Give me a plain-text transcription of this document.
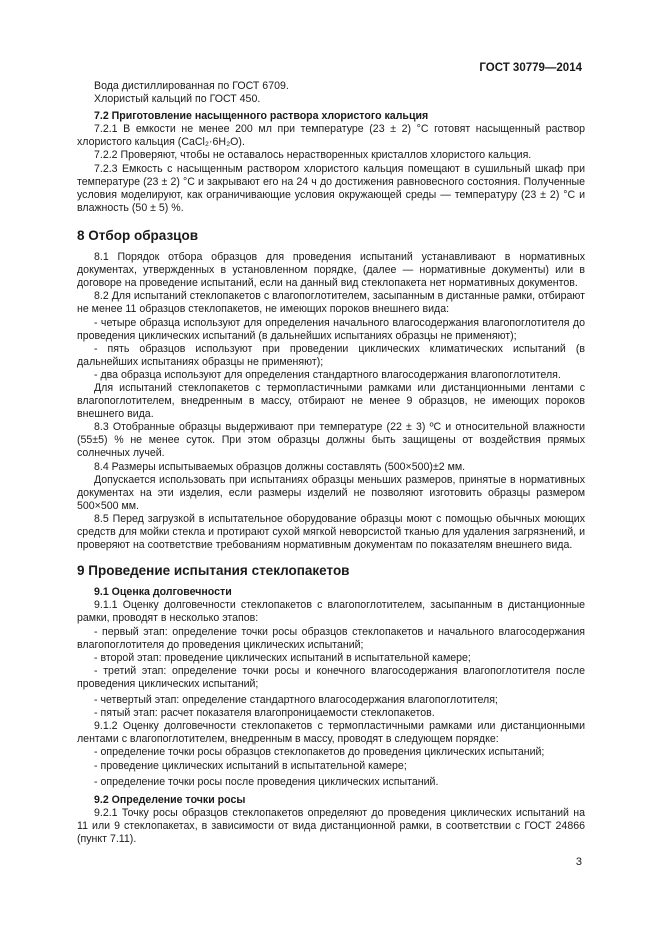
ГОСТ 30779—2014

Вода дистиллированная по ГОСТ 6709.

Хлористый кальций по ГОСТ 450.

7.2 Приготовление насыщенного раствора хлористого кальция

7.2.1 В емкости не менее 200 мл при температуре (23 ± 2) °С готовят насыщенный раствор хлористого кальция (CaCl₂·6H₂O).

7.2.2 Проверяют, чтобы не оставалось нерастворенных кристаллов хлористого кальция.

7.2.3 Емкость с насыщенным раствором хлористого кальция помещают в сушильный шкаф при температуре (23 ± 2) °С и закрывают его на 24 ч до достижения равновесного состояния. Полученные условия моделируют, как ограничивающие условия окружающей среды — температуру (23 ± 2) °С и влажность (50 ± 5) %.

8 Отбор образцов

8.1 Порядок отбора образцов для проведения испытаний устанавливают в нормативных документах, утвержденных в установленном порядке, (далее — нормативные документы) или в договоре на проведение испытаний, если на данный вид стеклопакета нет нормативных документов.

8.2 Для испытаний стеклопакетов с влагопоглотителем, засыпанным в дистанные рамки, отбирают не менее 11 образцов стеклопакетов, не имеющих пороков внешнего вида:

- четыре образца используют для определения начального влагосодержания влагопоглотителя до проведения циклических испытаний (в дальнейших испытаниях образцы не применяют);

- пять образцов используют при проведении циклических климатических испытаний (в дальнейших испытаниях образцы не применяют);

- два образца используют для определения стандартного влагосодержания влагопоглотителя.

Для испытаний стеклопакетов с термопластичными рамками или дистанционными лентами с влагопоглотителем, внедренным в массу, отбирают не менее 9 образцов, не имеющих пороков внешнего вида.

8.3 Отобранные образцы выдерживают при температуре (22 ± 3) ºС и относительной влажности (55±5) % не менее суток. При этом образцы должны быть защищены от воздействия прямых солнечных лучей.

8.4 Размеры испытываемых образцов должны составлять (500×500)±2 мм.

Допускается использовать при испытаниях образцы меньших размеров, принятые в нормативных документах на эти изделия, если размеры изделий не позволяют изготовить образцы размером 500×500 мм.

8.5 Перед загрузкой в испытательное оборудование образцы моют с помощью обычных моющих средств для мойки стекла и протирают сухой мягкой неворсистой тканью для удаления загрязнений, и проверяют на соответствие требованиям нормативным документам по показателям внешнего вида.

9 Проведение испытания стеклопакетов

9.1 Оценка долговечности

9.1.1 Оценку долговечности стеклопакетов с влагопоглотителем, засыпанным в дистанционные рамки, проводят в несколько этапов:

- первый этап: определение точки росы образцов стеклопакетов и начального влагосодержания влагопоглотителя до проведения циклических испытаний;

- второй этап: проведение циклических испытаний в испытательной камере;

- третий этап: определение точки росы и конечного влагосодержания влагопоглотителя после проведения циклических испытаний;

- четвертый этап: определение стандартного влагосодержания влагопоглотителя;

- пятый этап: расчет показателя влагопроницаемости стеклопакетов.

9.1.2 Оценку долговечности стеклопакетов с термопластичными рамками или дистанционными лентами с влагопоглотителем, внедренным в массу, проводят в следующем порядке:

- определение точки росы образцов стеклопакетов до проведения циклических испытаний;

- проведение циклических испытаний в испытательной камере;

- определение точки росы после проведения циклических испытаний.

9.2 Определение точки росы

9.2.1 Точку росы образцов стеклопакетов определяют до проведения циклических испытаний на 11 или 9 стеклопакетах, в зависимости от вида дистанционной рамки, в соответствии с ГОСТ 24866 (пункт 7.11).

3
